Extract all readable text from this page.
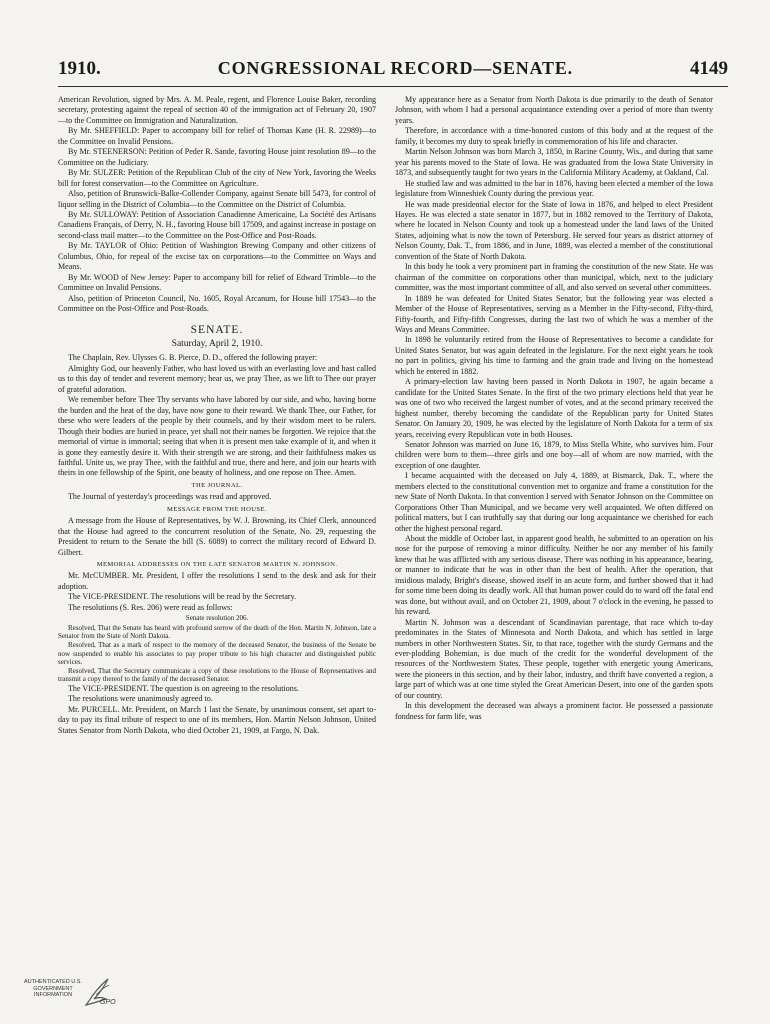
1910.	CONGRESSIONAL RECORD—SENATE.	4149

American Revolution, signed by Mrs. A. M. Peale, regent, and Florence Louise Baker, recording secretary, protesting against the repeal of section 40 of the immigration act of February 20, 1907—to the Committee on Immigration and Naturalization.

By Mr. SHEFFIELD: Paper to accompany bill for relief of Thomas Kane (H. R. 22989)—to the Committee on Invalid Pensions.

By Mr. STEENERSON: Petition of Peder R. Sande, favoring House joint resolution 89—to the Committee on the Judiciary.

By Mr. SULZER: Petition of the Republican Club of the city of New York, favoring the Weeks bill for forest conservation—to the Committee on Agriculture.

Also, petition of Brunswick-Balke-Collender Company, against Senate bill 5473, for control of liquor selling in the District of Columbia—to the Committee on the District of Columbia.

By Mr. SULLOWAY: Petition of Association Canadienne Americaine, La Société des Artisans Canadiens Français, of Derry, N. H., favoring House bill 17509, and against increase in postage on second-class mail matter—to the Committee on the Post-Office and Post-Roads.

By Mr. TAYLOR of Ohio: Petition of Washington Brewing Company and other citizens of Columbus, Ohio, for repeal of the excise tax on corporations—to the Committee on Ways and Means.

By Mr. WOOD of New Jersey: Paper to accompany bill for relief of Edward Trimble—to the Committee on Invalid Pensions.

Also, petition of Princeton Council, No. 1605, Royal Arcanum, for House bill 17543—to the Committee on the Post-Office and Post-Roads.

SENATE.

Saturday, April 2, 1910.

The Chaplain, Rev. Ulysses G. B. Pierce, D. D., offered the following prayer:

Almighty God, our heavenly Father, who hast loved us with an everlasting love and hast called us to this day of tender and reverent memory; hear us, we pray Thee, as we lift to Thee our prayer of grateful adoration.

We remember before Thee Thy servants who have labored by our side, and who, having borne the burden and the heat of the day, have now gone to their reward. We thank Thee, our Father, for these who were leaders of the people by their counsels, and by their wisdom meet to be rulers. Though their bodies are buried in peace, yet shall not their names be forgotten. We rejoice that the memorial of virtue is immortal; seeing that when it is present men take example of it, and when it is gone they earnestly desire it. With their strength we are strong, and their faithfulness makes us faithful. Unite us, we pray Thee, with the faithful and true, there and here, and join our hearts with theirs in one fellowship of the Spirit, one beauty of holiness, and one repose on Thee. Amen.

THE JOURNAL.

The Journal of yesterday's proceedings was read and approved.

MESSAGE FROM THE HOUSE.

A message from the House of Representatives, by W. J. Browning, its Chief Clerk, announced that the House had agreed to the concurrent resolution of the Senate, No. 29, requesting the President to return to the Senate the bill (S. 6089) to correct the military record of Edward D. Gilbert.

MEMORIAL ADDRESSES ON THE LATE SENATOR MARTIN N. JOHNSON.

Mr. McCUMBER. Mr. President, I offer the resolutions I send to the desk and ask for their adoption.

The VICE-PRESIDENT. The resolutions will be read by the Secretary.

The resolutions (S. Res. 206) were read as follows:

Senate resolution 206.

Resolved, That the Senate has heard with profound sorrow of the death of the Hon. Martin N. Johnson, late a Senator from the State of North Dakota.

Resolved, That as a mark of respect to the memory of the deceased Senator, the business of the Senate be now suspended to enable his associates to pay proper tribute to his high character and distinguished public services.

Resolved, That the Secretary communicate a copy of these resolutions to the House of Representatives and transmit a copy thereof to the family of the deceased Senator.

The VICE-PRESIDENT. The question is on agreeing to the resolutions.

The resolutions were unanimously agreed to.

Mr. PURCELL. Mr. President, on March 1 last the Senate, by unanimous consent, set apart to-day to pay its final tribute of respect to one of its members, Hon. Martin Nelson Johnson, United States Senator from North Dakota, who died October 21, 1909, at Fargo, N. Dak.

My appearance here as a Senator from North Dakota is due primarily to the death of Senator Johnson, with whom I had a personal acquaintance extending over a period of more than twenty years.

Therefore, in accordance with a time-honored custom of this body and at the request of the family, it becomes my duty to speak briefly in commemoration of his life and character.

Martin Nelson Johnson was born March 3, 1850, in Racine County, Wis., and during that same year his parents moved to the State of Iowa. He was graduated from the Iowa State University in 1873, and subsequently taught for two years in the California Military Academy, at Oakland, Cal.

He studied law and was admitted to the bar in 1876, having been elected a member of the Iowa legislature from Winneshiek County during the previous year.

He was made presidential elector for the State of Iowa in 1876, and helped to elect President Hayes. He was elected a state senator in 1877, but in 1882 removed to the Territory of Dakota, where he located in Nelson County and took up a homestead under the land laws of the United States, adjoining what is now the town of Petersburg. He served four years as district attorney of Nelson County, Dak. T., from 1886, and in June, 1889, was elected a member of the constitutional convention of the State of North Dakota.

In this body he took a very prominent part in framing the constitution of the new State. He was chairman of the committee on corporations other than municipal, which, next to the judiciary committee, was the most important committee of all, and also served on several other committees.

In 1889 he was defeated for United States Senator, but the following year was elected a Member of the House of Representatives, serving as a Member in the Fifty-second, Fifty-third, Fifty-fourth, and Fifty-fifth Congresses, during the last two of which he was a member of the Ways and Means Committee.

In 1898 he voluntarily retired from the House of Representatives to become a candidate for United States Senator, but was again defeated in the legislature. For the next eight years he took no part in politics, giving his time to farming and the grain trade and living on the homestead which he entered in 1882.

A primary-election law having been passed in North Dakota in 1907, he again became a candidate for the United States Senate. In the first of the two primary elections held that year he was one of two who received the largest number of votes, and at the second primary received the highest number, thereby becoming the candidate of the Republican party for United States Senator. On January 20, 1909, he was elected by the legislature of North Dakota for a term of six years, receiving every Republican vote in both Houses.

Senator Johnson was married on June 16, 1879, to Miss Stella White, who survives him. Four children were born to them—three girls and one boy—all of whom are now married, with the exception of one daughter.

I became acquainted with the deceased on July 4, 1889, at Bismarck, Dak. T., where the members elected to the constitutional convention met to organize and frame a constitution for the new State of North Dakota. In that convention I served with Senator Johnson on the Committee on Corporations Other Than Municipal, and we became very well acquainted. We often differed on political matters, but I can truthfully say that during our long acquaintance we cherished for each other the highest personal regard.

About the middle of October last, in apparent good health, he submitted to an operation on his nose for the purpose of removing a minor difficulty. Neither he nor any member of his family knew that he was afflicted with any serious disease. There was nothing in his appearance, bearing, or manner to indicate that he was in other than the best of health. After the operation, that insidious malady, Bright's disease, showed itself in an acute form, and further showed that it had for some time been doing its deadly work. All that human power could do to ward off the fatal end was done, but without avail, and on October 21, 1909, about 7 o'clock in the evening, he passed to his reward.

Martin N. Johnson was a descendant of Scandinavian parentage, that race which to-day predominates in the States of Minnesota and North Dakota, and which has settled in large numbers in other Northwestern States. Sir, to that race, together with the sturdy Germans and the ever-plodding Bohemian, is due much of the credit for the wonderful development of the resources of the Northwestern States. These people, together with energetic young Americans, were the pioneers in this section, and by their labor, industry, and thrift have converted a region, a large part of which was at one time styled the Great American Desert, into one of the garden spots of our country.

In this development the deceased was always a prominent factor. He possessed a passionate fondness for farm life, was

AUTHENTICATED U.S. GOVERNMENT INFORMATION
GPO
